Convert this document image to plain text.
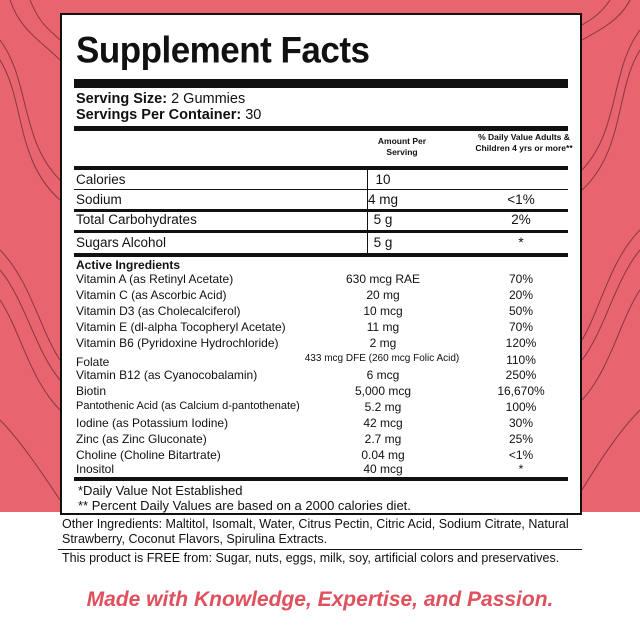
Supplement Facts
Serving Size: 2 Gummies
Servings Per Container: 30
Amount Per Serving
% Daily Value Adults & Children 4 yrs or more**
Calories	10
Sodium	4 mg	<1%
Total Carbohydrates	5 g	2%
Sugars Alcohol	5 g	*
Active Ingredients
Vitamin A (as Retinyl Acetate)	630 mcg RAE	70%
Vitamin C (as Ascorbic Acid)	20 mg	20%
Vitamin D3 (as Cholecalciferol)	10 mcg	50%
Vitamin E (dl-alpha Tocopheryl Acetate)	11 mg	70%
Vitamin B6 (Pyridoxine Hydrochloride)	2 mg	120%
Folate	433 mcg DFE (260 mcg Folic Acid)	110%
Vitamin B12 (as Cyanocobalamin)	6 mcg	250%
Biotin	5,000 mcg	16,670%
Pantothenic Acid (as Calcium d-pantothenate)	5.2 mg	100%
Iodine (as Potassium Iodine)	42 mcg	30%
Zinc (as Zinc Gluconate)	2.7 mg	25%
Choline (Choline Bitartrate)	0.04 mg	<1%
Inositol	40 mcg	*
*Daily Value Not Established
** Percent Daily Values are based on a 2000 calories diet.
Other Ingredients: Maltitol, Isomalt, Water, Citrus Pectin, Citric Acid, Sodium Citrate, Natural Strawberry, Coconut Flavors, Spirulina Extracts.
This product is FREE from: Sugar, nuts, eggs, milk, soy, artificial colors and preservatives.
Made with Knowledge, Expertise, and Passion.
